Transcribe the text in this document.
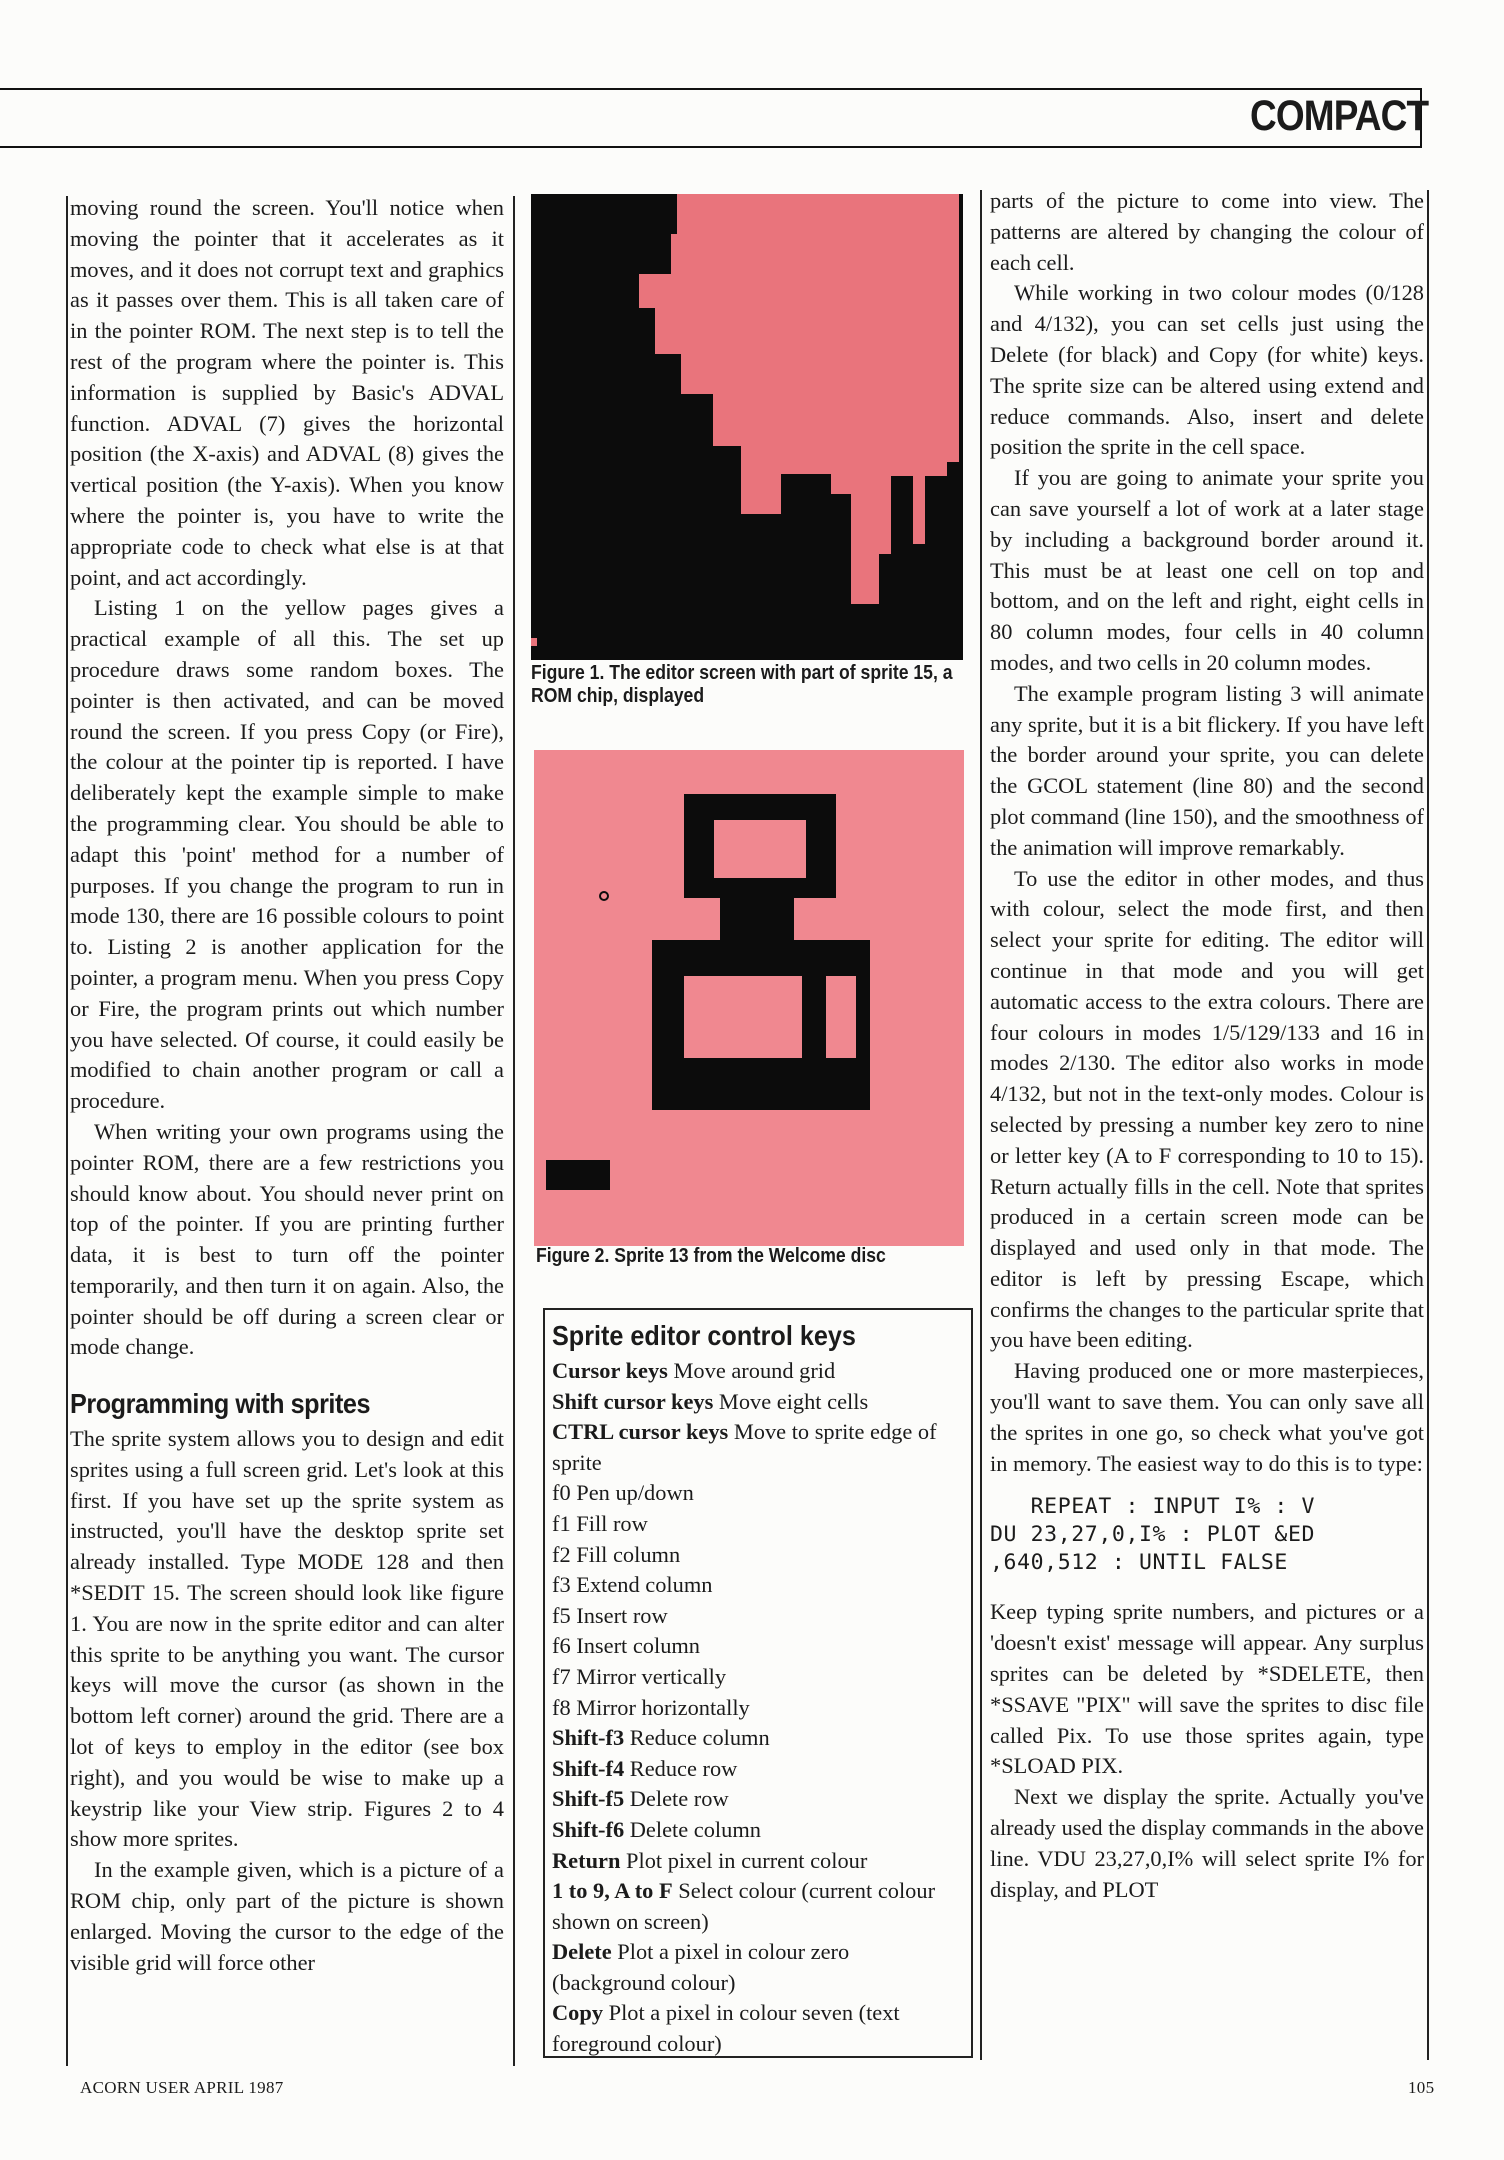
COMPACT

moving round the screen. You'll notice when moving the pointer that it accelerates as it moves, and it does not corrupt text and graphics as it passes over them. This is all taken care of in the pointer ROM. The next step is to tell the rest of the program where the pointer is. This information is supplied by Basic's ADVAL function. ADVAL (7) gives the horizontal position (the X-axis) and ADVAL (8) gives the vertical position (the Y-axis). When you know where the pointer is, you have to write the appropriate code to check what else is at that point, and act accordingly.

Listing 1 on the yellow pages gives a practical example of all this. The set up procedure draws some random boxes. The pointer is then activated, and can be moved round the screen. If you press Copy (or Fire), the colour at the pointer tip is reported. I have deliberately kept the example simple to make the programming clear. You should be able to adapt this 'point' method for a number of purposes. If you change the program to run in mode 130, there are 16 possible colours to point to. Listing 2 is another application for the pointer, a program menu. When you press Copy or Fire, the program prints out which number you have selected. Of course, it could easily be modified to chain another program or call a procedure.

When writing your own programs using the pointer ROM, there are a few restrictions you should know about. You should never print on top of the pointer. If you are printing further data, it is best to turn off the pointer temporarily, and then turn it on again. Also, the pointer should be off during a screen clear or mode change.

Programming with sprites

The sprite system allows you to design and edit sprites using a full screen grid. Let's look at this first. If you have set up the sprite system as instructed, you'll have the desktop sprite set already installed. Type MODE 128 and then *SEDIT 15. The screen should look like figure 1. You are now in the sprite editor and can alter this sprite to be anything you want. The cursor keys will move the cursor (as shown in the bottom left corner) around the grid. There are a lot of keys to employ in the editor (see box right), and you would be wise to make up a keystrip like your View strip. Figures 2 to 4 show more sprites.

In the example given, which is a picture of a ROM chip, only part of the picture is shown enlarged. Moving the cursor to the edge of the visible grid will force other

Figure 1. The editor screen with part of sprite 15, a ROM chip, displayed
Figure 2. Sprite 13 from the Welcome disc
Sprite editor control keys
Cursor keys Move around grid
Shift cursor keys Move eight cells
CTRL cursor keys Move to sprite edge of sprite
f0 Pen up/down
f1 Fill row
f2 Fill column
f3 Extend column
f5 Insert row
f6 Insert column
f7 Mirror vertically
f8 Mirror horizontally
Shift-f3 Reduce column
Shift-f4 Reduce row
Shift-f5 Delete row
Shift-f6 Delete column
Return Plot pixel in current colour
1 to 9, A to F Select colour (current colour shown on screen)
Delete Plot a pixel in colour zero (background colour)
Copy Plot a pixel in colour seven (text foreground colour)

parts of the picture to come into view. The patterns are altered by changing the colour of each cell.

While working in two colour modes (0/128 and 4/132), you can set cells just using the Delete (for black) and Copy (for white) keys. The sprite size can be altered using extend and reduce commands. Also, insert and delete position the sprite in the cell space.

If you are going to animate your sprite you can save yourself a lot of work at a later stage by including a background border around it. This must be at least one cell on top and bottom, and on the left and right, eight cells in 80 column modes, four cells in 40 column modes, and two cells in 20 column modes.

The example program listing 3 will animate any sprite, but it is a bit flickery. If you have left the border around your sprite, you can delete the GCOL statement (line 80) and the second plot command (line 150), and the smoothness of the animation will improve remarkably.

To use the editor in other modes, and thus with colour, select the mode first, and then select your sprite for editing. The editor will continue in that mode and you will get automatic access to the extra colours. There are four colours in modes 1/5/129/133 and 16 in modes 2/130. The editor also works in mode 4/132, but not in the text-only modes. Colour is selected by pressing a number key zero to nine or letter key (A to F corresponding to 10 to 15). Return actually fills in the cell. Note that sprites produced in a certain screen mode can be displayed and used only in that mode. The editor is left by pressing Escape, which confirms the changes to the particular sprite that you have been editing.

Having produced one or more masterpieces, you'll want to save them. You can only save all the sprites in one go, so check what you've got in memory. The easiest way to do this is to type:

REPEAT : INPUT I% : V
DU 23,27,0,I% : PLOT &ED
,640,512 : UNTIL FALSE

Keep typing sprite numbers, and pictures or a 'doesn't exist' message will appear. Any surplus sprites can be deleted by *SDELETE, then *SSAVE "PIX" will save the sprites to disc file called Pix. To use those sprites again, type *SLOAD PIX.

Next we display the sprite. Actually you've already used the display commands in the above line. VDU 23,27,0,I% will select sprite I% for display, and PLOT

ACORN USER APRIL 1987	105
